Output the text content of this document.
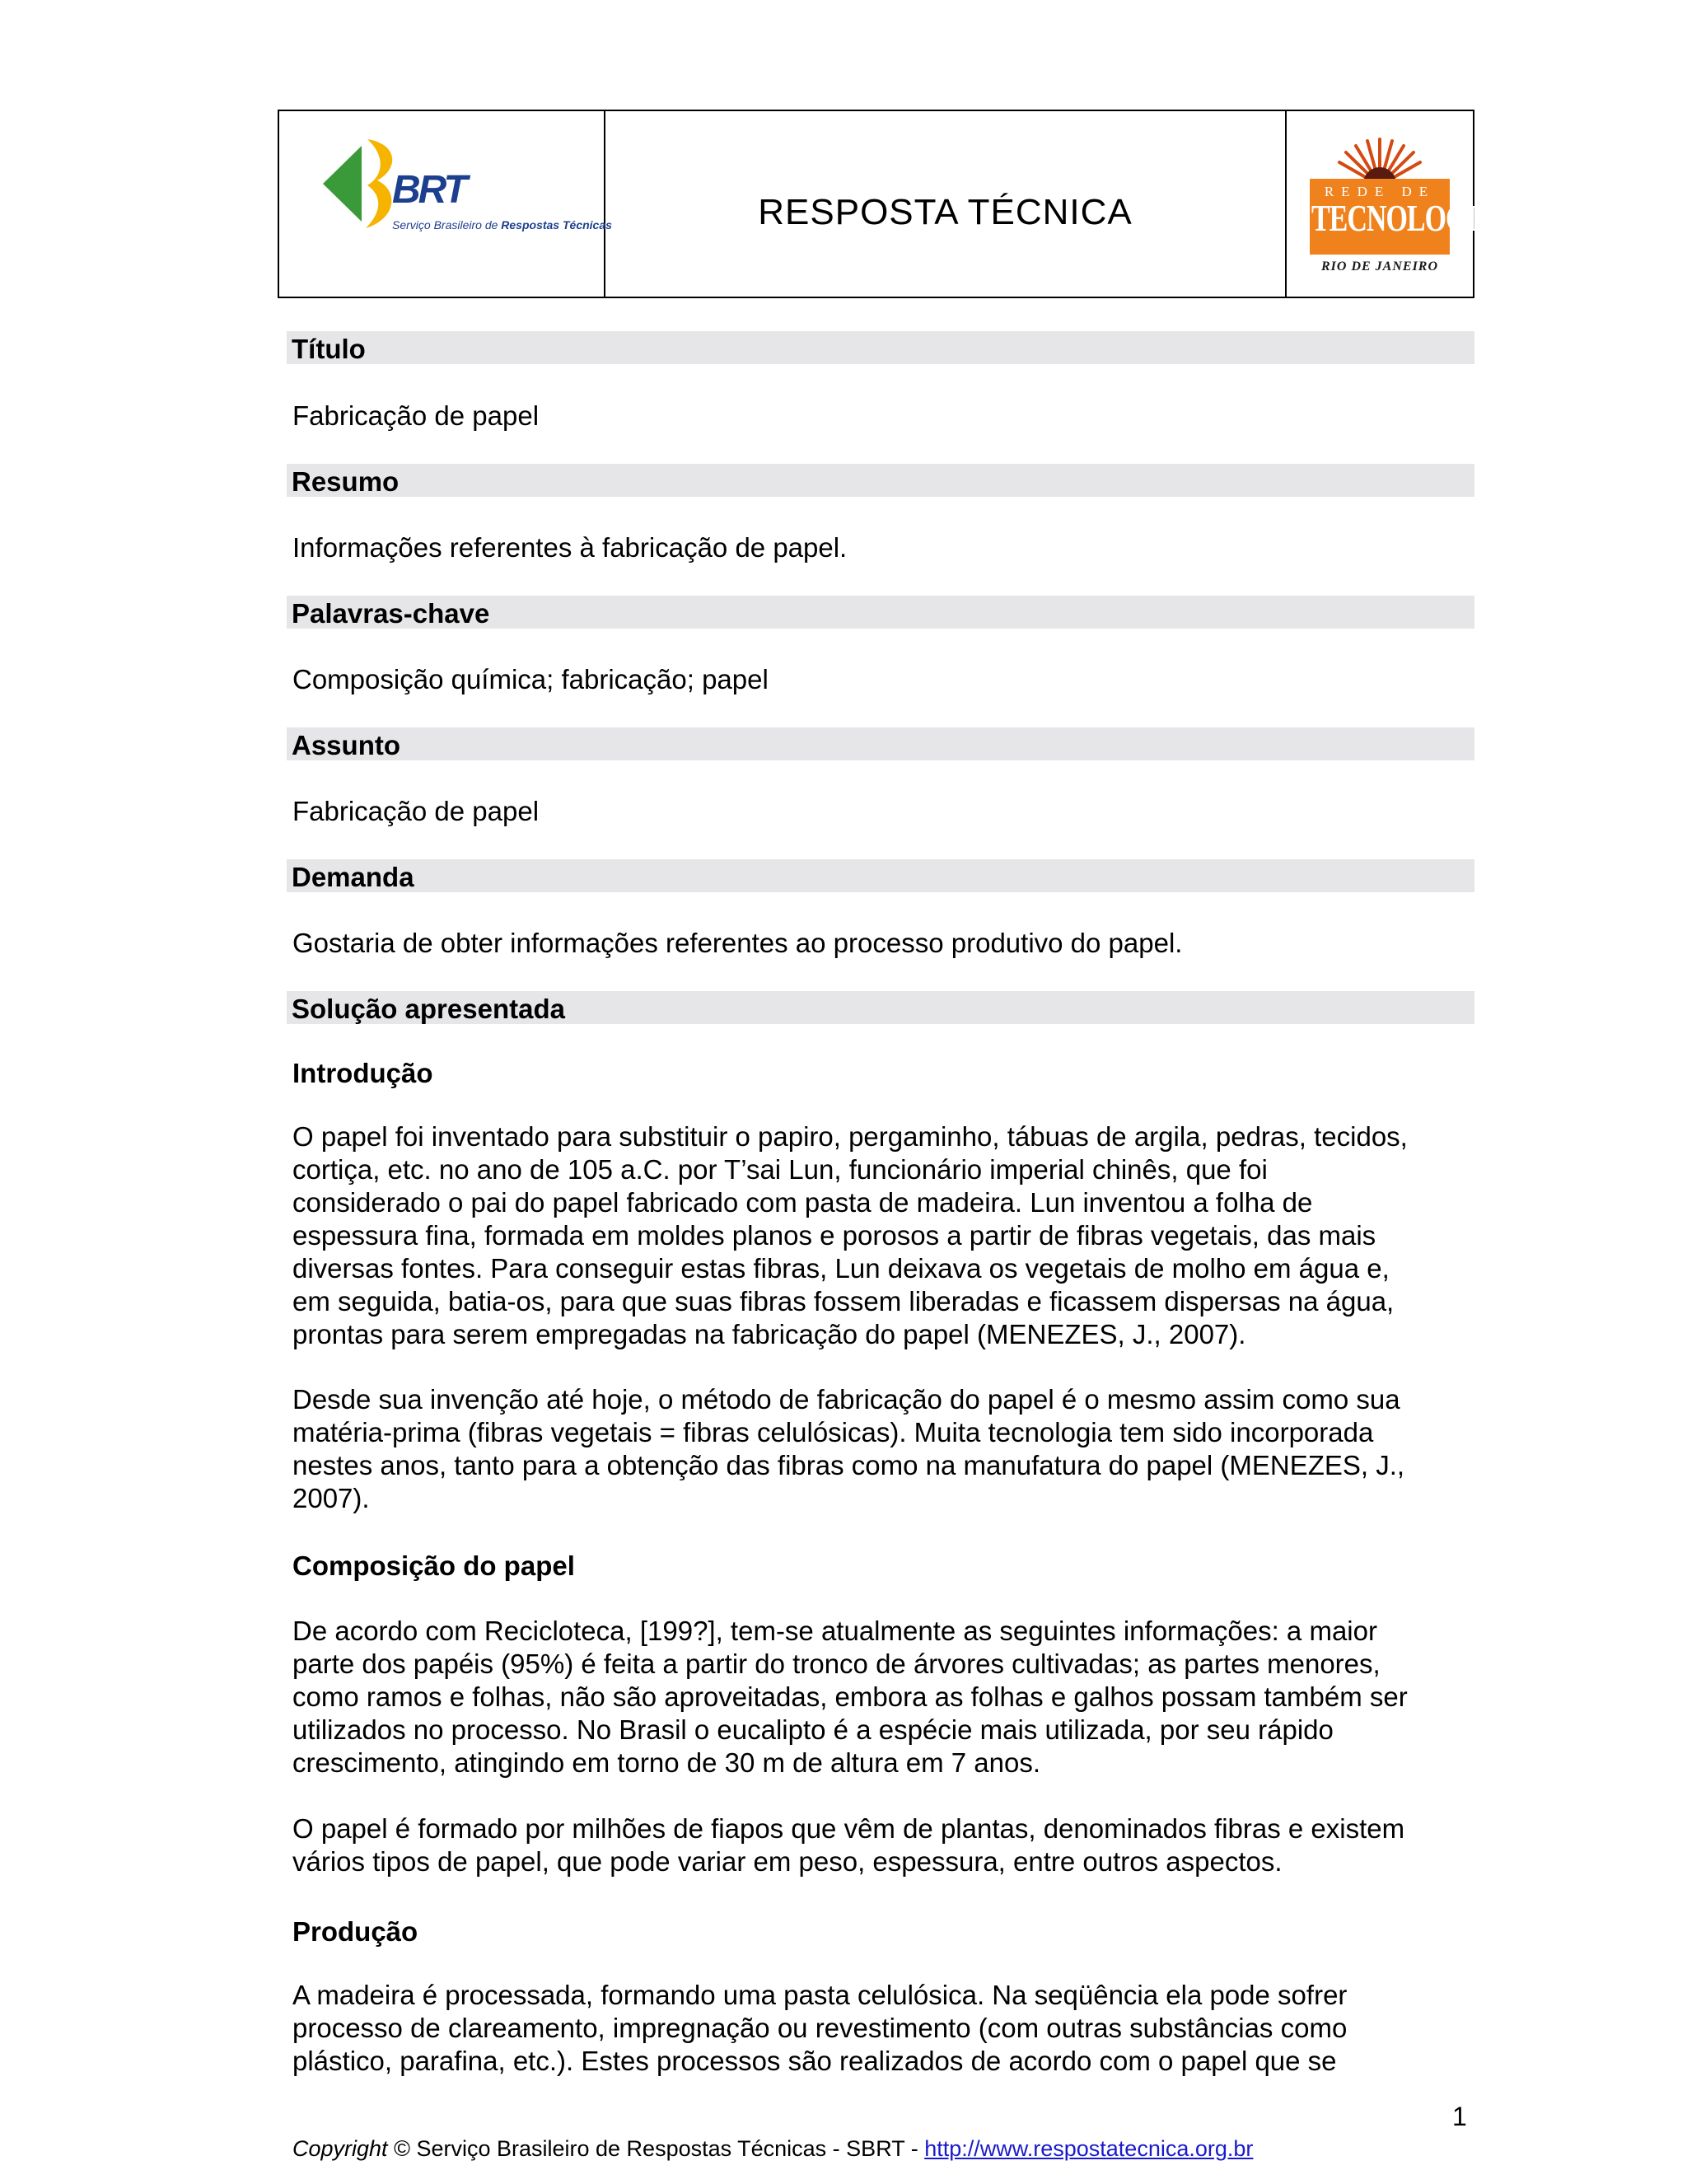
BRT
Serviço Brasileiro de Respostas Técnicas	RESPOSTA TÉCNICA	REDE DE
TECNOLOGIA
RIO DE JANEIRO
Título
Fabricação de papel
Resumo
Informações referentes à fabricação de papel.
Palavras-chave
Composição química; fabricação; papel
Assunto
Fabricação de papel
Demanda
Gostaria de obter informações referentes ao processo produtivo do papel.
Solução apresentada
Introdução
O papel foi inventado para substituir o papiro, pergaminho, tábuas de argila, pedras, tecidos,
cortiça, etc. no ano de 105 a.C. por T’sai Lun, funcionário imperial chinês, que foi
considerado o pai do papel fabricado com pasta de madeira. Lun inventou a folha de
espessura fina, formada em moldes planos e porosos a partir de fibras vegetais, das mais
diversas fontes. Para conseguir estas fibras, Lun deixava os vegetais de molho em água e,
em seguida, batia-os, para que suas fibras fossem liberadas e ficassem dispersas na água,
prontas para serem empregadas na fabricação do papel (MENEZES, J., 2007).
Desde sua invenção até hoje, o método de fabricação do papel é o mesmo assim como sua
matéria-prima (fibras vegetais = fibras celulósicas). Muita tecnologia tem sido incorporada
nestes anos, tanto para a obtenção das fibras como na manufatura do papel (MENEZES, J.,
2007).
Composição do papel
De acordo com Recicloteca, [199?], tem-se atualmente as seguintes informações: a maior
parte dos papéis (95%) é feita a partir do tronco de árvores cultivadas; as partes menores,
como ramos e folhas, não são aproveitadas, embora as folhas e galhos possam também ser
utilizados no processo. No Brasil o eucalipto é a espécie mais utilizada, por seu rápido
crescimento, atingindo em torno de 30 m de altura em 7 anos.
O papel é formado por milhões de fiapos que vêm de plantas, denominados fibras e existem
vários tipos de papel, que pode variar em peso, espessura, entre outros aspectos.
Produção
A madeira é processada, formando uma pasta celulósica. Na seqüência ela pode sofrer
processo de clareamento, impregnação ou revestimento (com outras substâncias como
plástico, parafina, etc.). Estes processos são realizados de acordo com o papel que se
1
Copyright © Serviço Brasileiro de Respostas Técnicas - SBRT - http://www.respostatecnica.org.br
